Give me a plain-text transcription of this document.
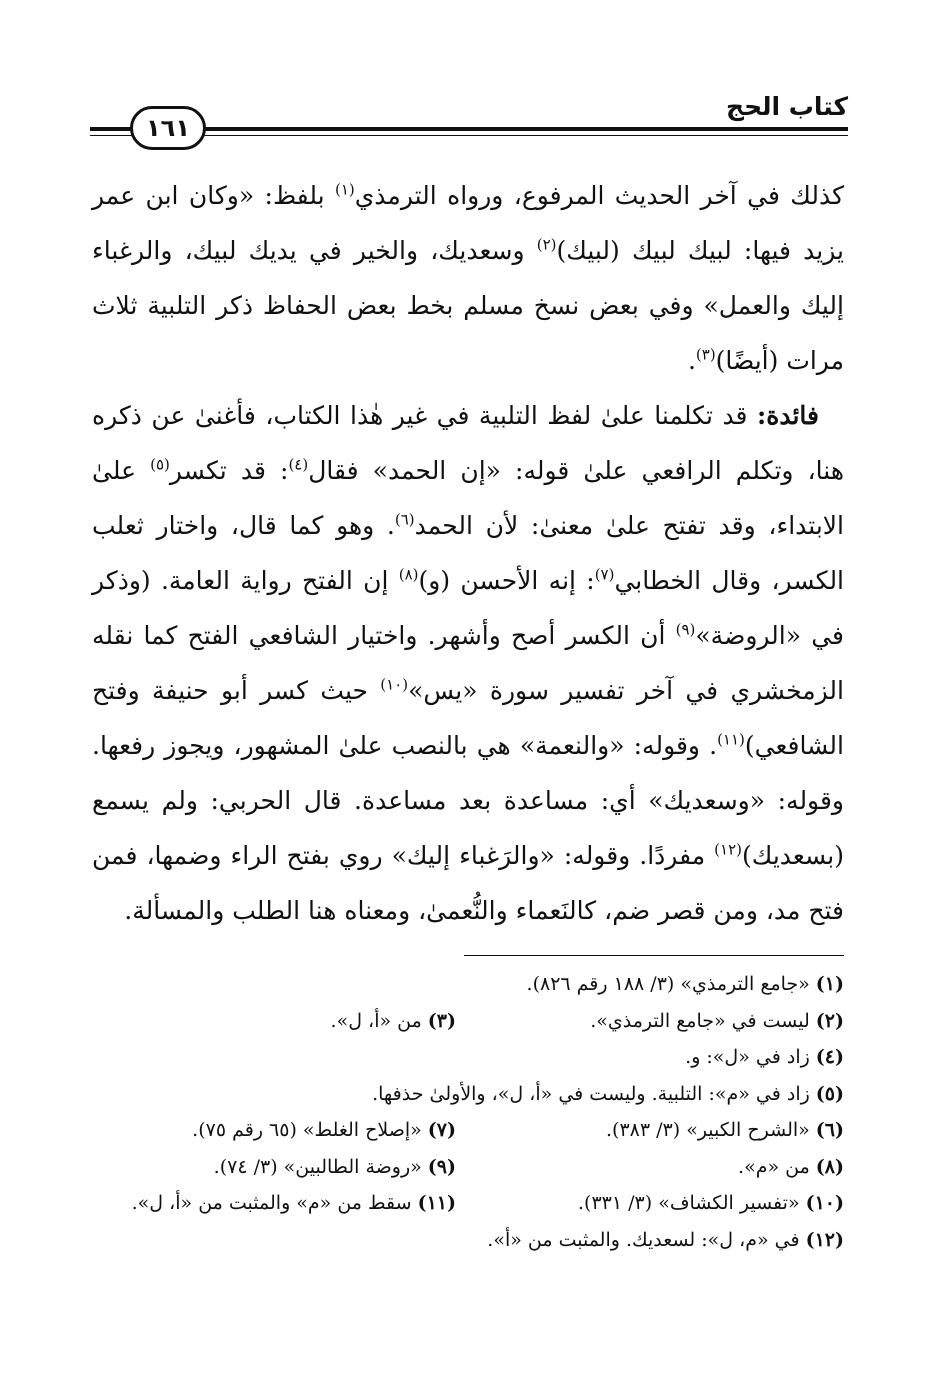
كتاب الحج
١٦١

كذلك في آخر الحديث المرفوع، ورواه الترمذي$^{(١)}$ بلفظ: «وكان ابن عمر يزيد فيها: لبيك لبيك (لبيك)$^{(٢)}$ وسعديك، والخير في يديك لبيك، والرغباء إليك والعمل» وفي بعض نسخ مسلم بخط بعض الحفاظ ذكر التلبية ثلاث مرات (أيضًا)$^{(٣)}$.

 فائدة: قد تكلمنا علىٰ لفظ التلبية في غير هٰذا الكتاب، فأغنىٰ عن ذكره هنا، وتكلم الرافعي علىٰ قوله: «إن الحمد» فقال$^{(٤)}$: قد تكسر$^{(٥)}$ علىٰ الابتداء، وقد تفتح علىٰ معنىٰ: لأن الحمد$^{(٦)}$. وهو كما قال، واختار ثعلب الكسر، وقال الخطابي$^{(٧)}$: إنه الأحسن (و)$^{(٨)}$ إن الفتح رواية العامة. (وذكر في «الروضة»$^{(٩)}$ أن الكسر أصح وأشهر. واختيار الشافعي الفتح كما نقله الزمخشري في آخر تفسير سورة «يس»$^{(١٠)}$ حيث كسر أبو حنيفة وفتح الشافعي)$^{(١١)}$. وقوله: «والنعمة» هي بالنصب علىٰ المشهور، ويجوز رفعها. وقوله: «وسعديك» أي: مساعدة بعد مساعدة. قال الحربي: ولم يسمع (بسعديك)$^{(١٢)}$ مفردًا. وقوله: «والرَغباء إليك» روي بفتح الراء وضمها، فمن فتح مد، ومن قصر ضم، كالنَعماء والنُّعمىٰ، ومعناه هنا الطلب والمسألة.

(١)«جامع الترمذي» (٣/ ١٨٨ رقم ٨٢٦).
(٢)ليست في «جامع الترمذي».
(٣)من «أ، ل».
(٤)زاد في «ل»: و.
(٥)زاد في «م»: التلبية. وليست في «أ، ل»، والأولىٰ حذفها.
(٦)«الشرح الكبير» (٣/ ٣٨٣).
(٧)«إصلاح الغلط» (٦٥ رقم ٧٥).
(٨)من «م».
(٩)«روضة الطالبين» (٣/ ٧٤).
(١٠)«تفسير الكشاف» (٣/ ٣٣١).
(١١)سقط من «م» والمثبت من «أ، ل».
(١٢)في «م، ل»: لسعديك. والمثبت من «أ».
